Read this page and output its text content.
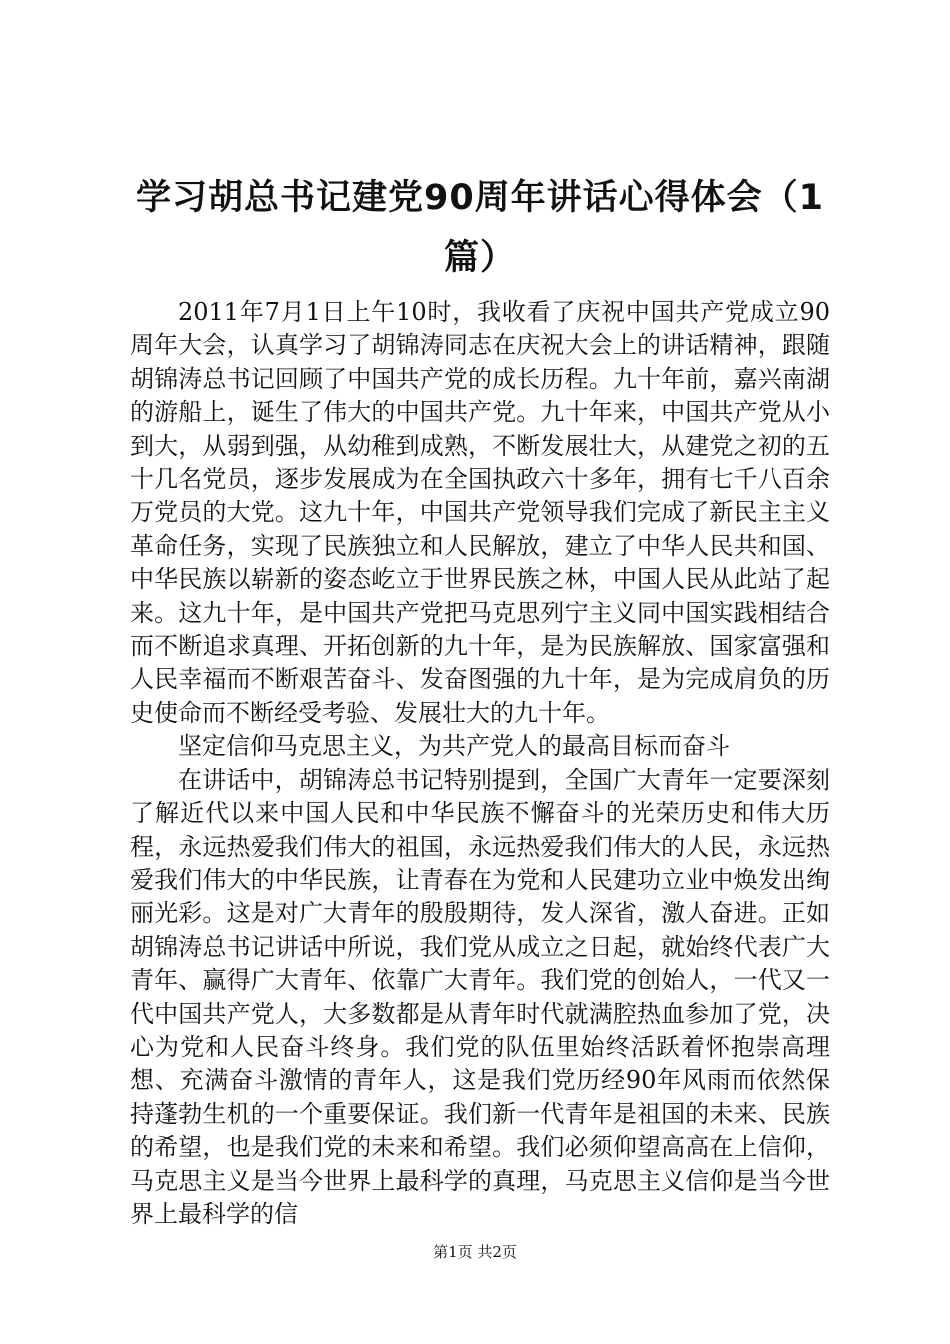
学习胡总书记建党90周年讲话心得体会（1篇）

2011年7月1日上午10时，我收看了庆祝中国共产党成立90周年大会，认真学习了胡锦涛同志在庆祝大会上的讲话精神，跟随胡锦涛总书记回顾了中国共产党的成长历程。九十年前，嘉兴南湖的游船上，诞生了伟大的中国共产党。九十年来，中国共产党从小到大，从弱到强，从幼稚到成熟，不断发展壮大，从建党之初的五十几名党员，逐步发展成为在全国执政六十多年，拥有七千八百余万党员的大党。这九十年，中国共产党领导我们完成了新民主主义革命任务，实现了民族独立和人民解放，建立了中华人民共和国、中华民族以崭新的姿态屹立于世界民族之林，中国人民从此站了起来。这九十年，是中国共产党把马克思列宁主义同中国实践相结合而不断追求真理、开拓创新的九十年，是为民族解放、国家富强和人民幸福而不断艰苦奋斗、发奋图强的九十年，是为完成肩负的历史使命而不断经受考验、发展壮大的九十年。

坚定信仰马克思主义，为共产党人的最高目标而奋斗

在讲话中，胡锦涛总书记特别提到，全国广大青年一定要深刻了解近代以来中国人民和中华民族不懈奋斗的光荣历史和伟大历程，永远热爱我们伟大的祖国，永远热爱我们伟大的人民，永远热爱我们伟大的中华民族，让青春在为党和人民建功立业中焕发出绚丽光彩。这是对广大青年的殷殷期待，发人深省，激人奋进。正如胡锦涛总书记讲话中所说，我们党从成立之日起，就始终代表广大青年、赢得广大青年、依靠广大青年。我们党的创始人，一代又一代中国共产党人，大多数都是从青年时代就满腔热血参加了党，决心为党和人民奋斗终身。我们党的队伍里始终活跃着怀抱崇高理想、充满奋斗激情的青年人，这是我们党历经90年风雨而依然保持蓬勃生机的一个重要保证。我们新一代青年是祖国的未来、民族的希望，也是我们党的未来和希望。我们必须仰望高高在上信仰，马克思主义是当今世界上最科学的真理，马克思主义信仰是当今世界上最科学的信

第1页 共2页
